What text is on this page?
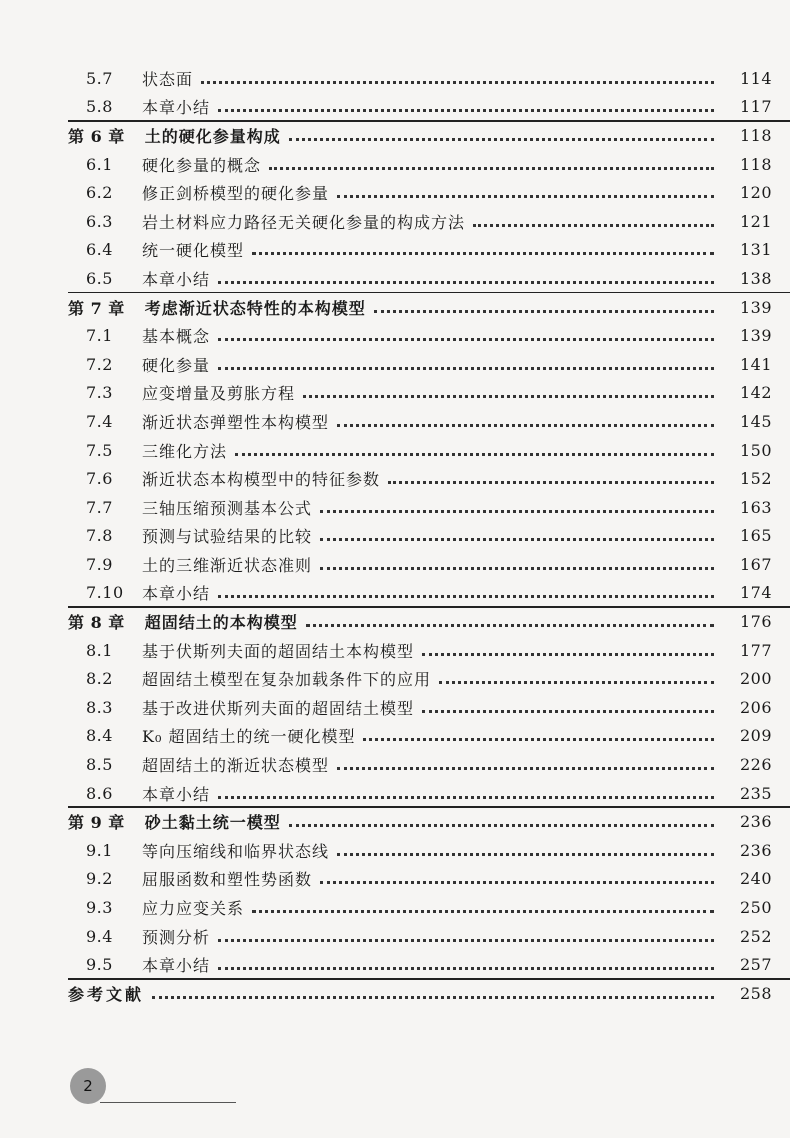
5.7	状态面	114
5.8	本章小结	117
第 6 章 土的硬化参量构成	118
6.1	硬化参量的概念	118
6.2	修正剑桥模型的硬化参量	120
6.3	岩土材料应力路径无关硬化参量的构成方法	121
6.4	统一硬化模型	131
6.5	本章小结	138
第 7 章 考虑渐近状态特性的本构模型	139
7.1	基本概念	139
7.2	硬化参量	141
7.3	应变增量及剪胀方程	142
7.4	渐近状态弹塑性本构模型	145
7.5	三维化方法	150
7.6	渐近状态本构模型中的特征参数	152
7.7	三轴压缩预测基本公式	163
7.8	预测与试验结果的比较	165
7.9	土的三维渐近状态准则	167
7.10	本章小结	174
第 8 章 超固结土的本构模型	176
8.1	基于伏斯列夫面的超固结土本构模型	177
8.2	超固结土模型在复杂加载条件下的应用	200
8.3	基于改进伏斯列夫面的超固结土模型	206
8.4	K₀ 超固结土的统一硬化模型	209
8.5	超固结土的渐近状态模型	226
8.6	本章小结	235
第 9 章 砂土黏土统一模型	236
9.1	等向压缩线和临界状态线	236
9.2	屈服函数和塑性势函数	240
9.3	应力应变关系	250
9.4	预测分析	252
9.5	本章小结	257
参考文献	258
2
